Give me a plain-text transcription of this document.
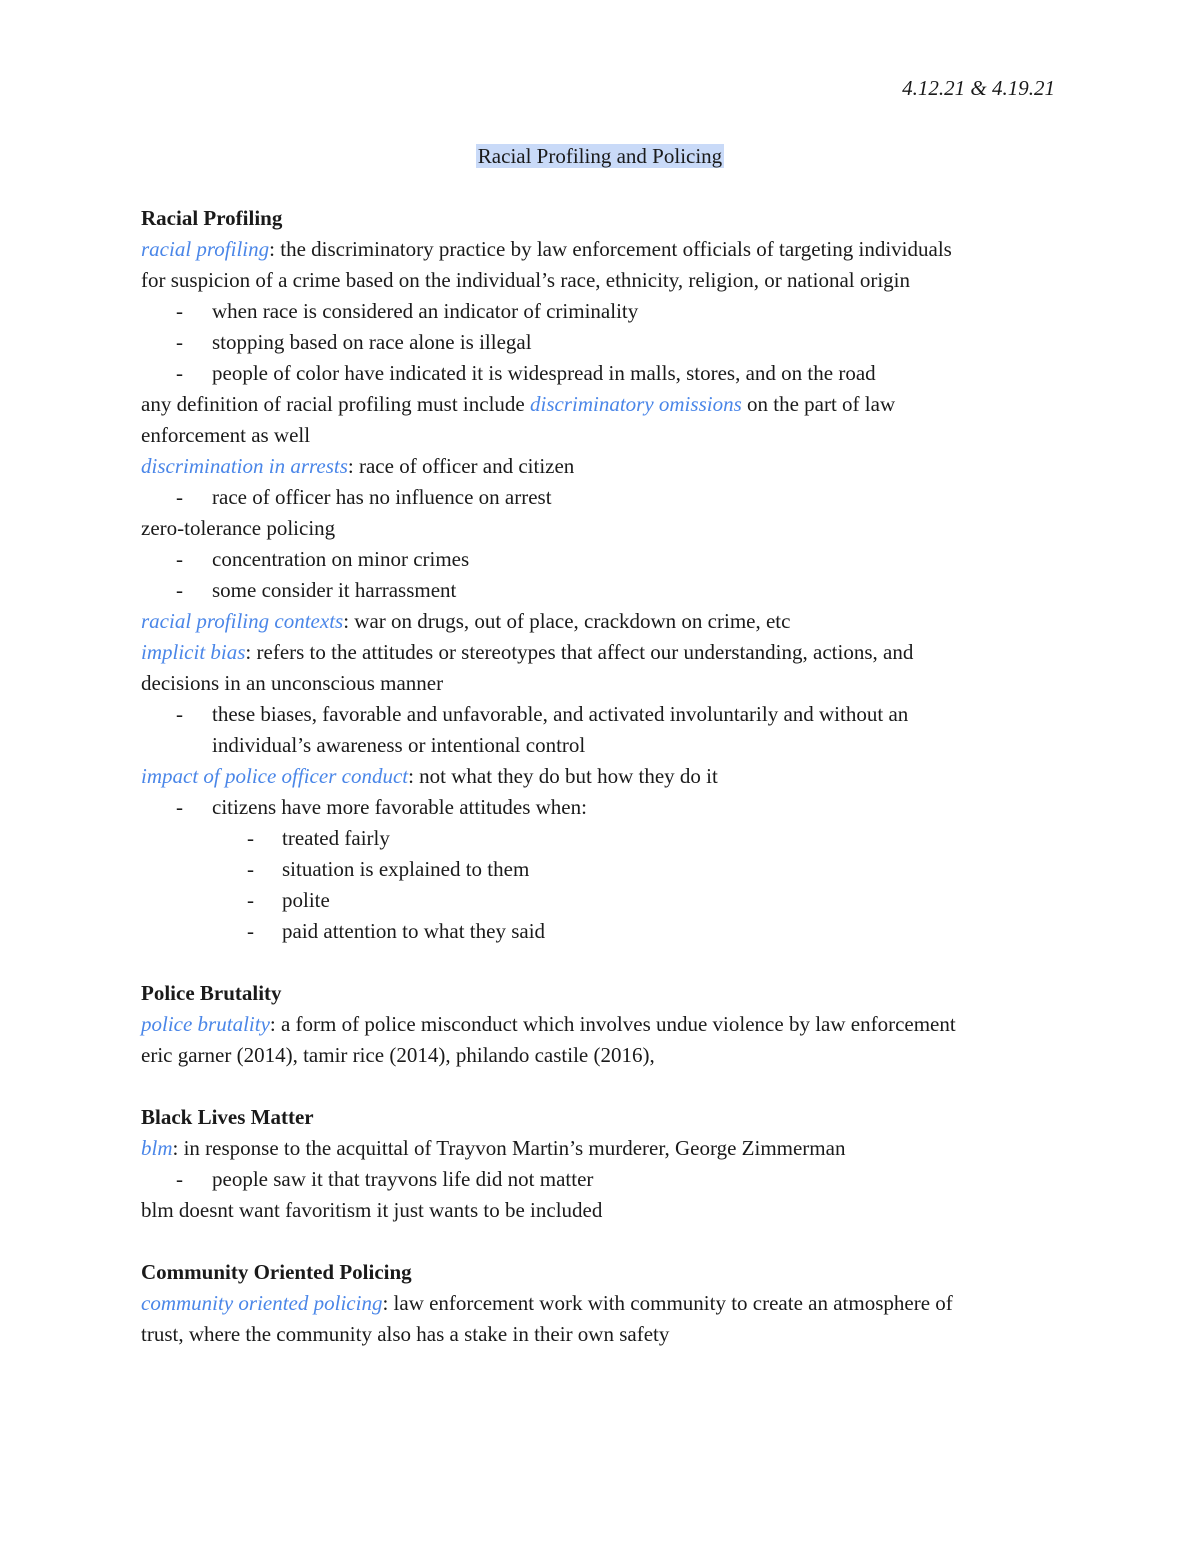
4.12.21 & 4.19.21
Racial Profiling and Policing
Racial Profiling
racial profiling: the discriminatory practice by law enforcement officials of targeting individuals
for suspicion of a crime based on the individual’s race, ethnicity, religion, or national origin
- when race is considered an indicator of criminality
- stopping based on race alone is illegal
- people of color have indicated it is widespread in malls, stores, and on the road
any definition of racial profiling must include discriminatory omissions on the part of law
enforcement as well
discrimination in arrests: race of officer and citizen
- race of officer has no influence on arrest
zero-tolerance policing
- concentration on minor crimes
- some consider it harrassment
racial profiling contexts: war on drugs, out of place, crackdown on crime, etc
implicit bias: refers to the attitudes or stereotypes that affect our understanding, actions, and
decisions in an unconscious manner
- these biases, favorable and unfavorable, and activated involuntarily and without an
individual’s awareness or intentional control
impact of police officer conduct: not what they do but how they do it
- citizens have more favorable attitudes when:
- treated fairly
- situation is explained to them
- polite
- paid attention to what they said
Police Brutality
police brutality: a form of police misconduct which involves undue violence by law enforcement
eric garner (2014), tamir rice (2014), philando castile (2016),
Black Lives Matter
blm: in response to the acquittal of Trayvon Martin’s murderer, George Zimmerman
- people saw it that trayvons life did not matter
blm doesnt want favoritism it just wants to be included
Community Oriented Policing
community oriented policing: law enforcement work with community to create an atmosphere of
trust, where the community also has a stake in their own safety
